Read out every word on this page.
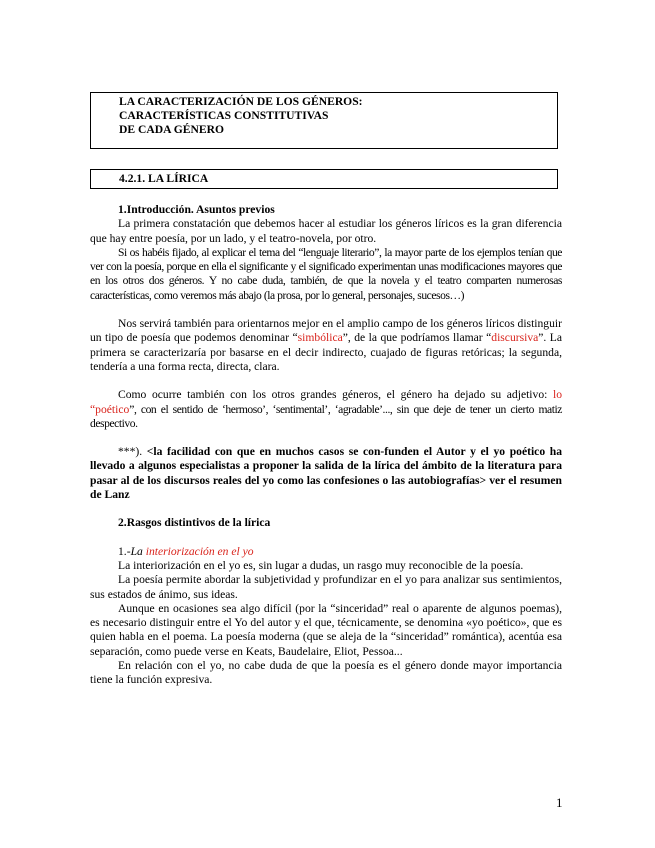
LA CARACTERIZACIÓN DE LOS GÉNEROS:
CARACTERÍSTICAS CONSTITUTIVAS
DE CADA GÉNERO
4.2.1. LA LÍRICA

1.Introducción. Asuntos previos

La primera constatación que debemos hacer al estudiar los géneros líricos es la gran diferencia que hay entre poesía, por un lado, y el teatro-novela, por otro.

Si os habéis fijado, al explicar el tema del “lenguaje literario”, la mayor parte de los ejemplos tenían que ver con la poesía, porque en ella el significante y el significado experimentan unas modificaciones mayores que en los otros dos géneros. Y no cabe duda, también, de que la novela y el teatro comparten numerosas características, como veremos más abajo (la prosa, por lo general, personajes, sucesos…)

Nos servirá también para orientarnos mejor en el amplio campo de los géneros líricos distinguir un tipo de poesía que podemos denominar “simbólica”, de la que podríamos llamar “discursiva”. La primera se caracterizaría por basarse en el decir indirecto, cuajado de figuras retóricas; la segunda, tendería a una forma recta, directa, clara.

Como ocurre también con los otros grandes géneros, el género ha dejado su adjetivo: lo “poético”, con el sentido de ‘hermoso’, ‘sentimental’, ‘agradable’..., sin que deje de tener un cierto matiz despectivo.

***). <la facilidad con que en muchos casos se con-funden el Autor y el yo poético ha llevado a algunos especialistas a proponer la salida de la lírica del ámbito de la literatura para pasar al de los discursos reales del yo como las confesiones o las autobiografías> ver el resumen de Lanz

2.Rasgos distintivos de la lírica

1.-La interiorización en el yo

La interiorización en el yo es, sin lugar a dudas, un rasgo muy reconocible de la poesía.

La poesía permite abordar la subjetividad y profundizar en el yo para analizar sus sentimientos, sus estados de ánimo, sus ideas.

Aunque en ocasiones sea algo difícil (por la “sinceridad” real o aparente de algunos poemas), es necesario distinguir entre el Yo del autor y el que, técnicamente, se denomina «yo poético», que es quien habla en el poema. La poesía moderna (que se aleja de la “sinceridad” romántica), acentúa esa separación, como puede verse en Keats, Baudelaire, Eliot, Pessoa...

En relación con el yo, no cabe duda de que la poesía es el género donde mayor importancia tiene la función expresiva.

1
